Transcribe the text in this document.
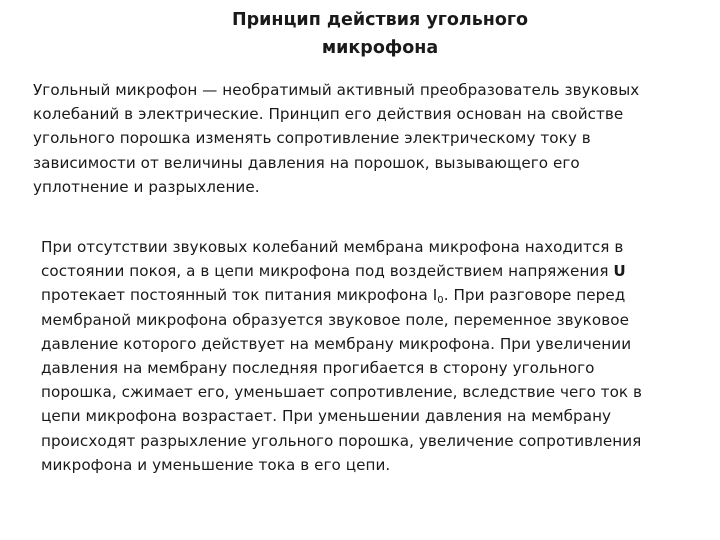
Принцип действия угольного
микрофона
Угольный микрофон — необратимый активный преобразователь звуковых
колебаний в электрические. Принцип его действия основан на свойстве
угольного порошка изменять сопротивление электрическому току в
зависимости от величины давления на порошок, вызывающего его
уплотнение и разрыхление.
При отсутствии звуковых колебаний мембрана микрофона находится в
состоянии покоя, а в цепи микрофона под воздействием напряжения U
протекает постоянный ток питания микрофона $I_0$. При разговоре перед
мембраной микрофона образуется звуковое поле, переменное звуковое
давление которого действует на мембрану микрофона. При увеличении
давления на мембрану последняя прогибается в сторону угольного
порошка, сжимает его, уменьшает сопротивление, вследствие чего ток в
цепи микрофона возрастает. При уменьшении давления на мембрану
происходят разрыхление угольного порошка, увеличение сопротивления
микрофона и уменьшение тока в его цепи.
